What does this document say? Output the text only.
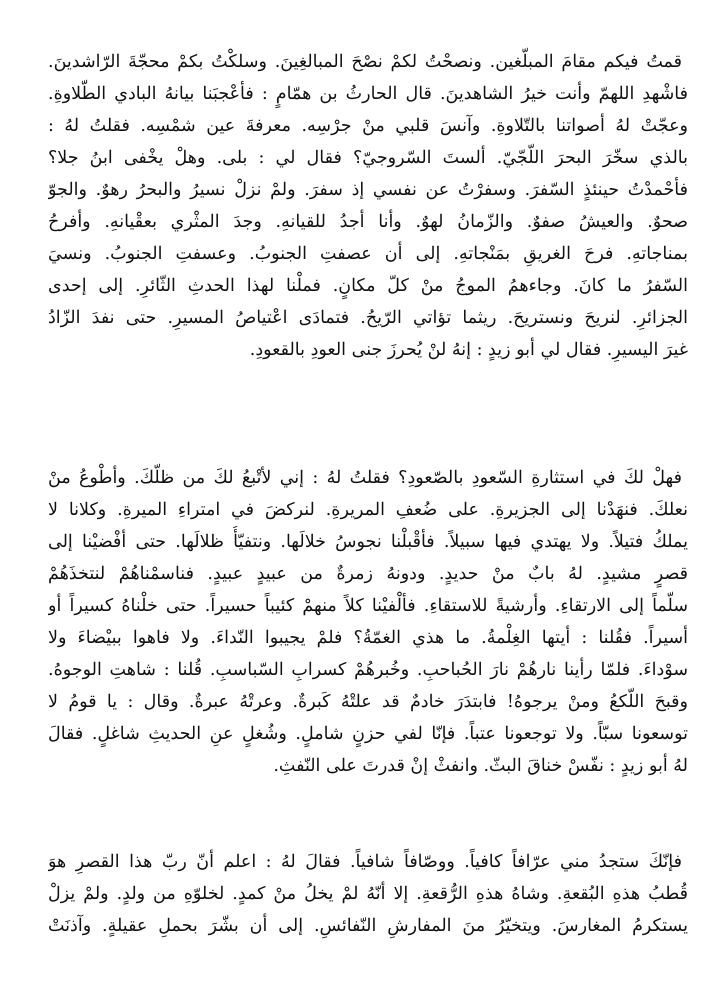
قمتُ فيكم مقامَ المبلّغين. ونصحْتُ لكمْ نصْحَ المبالغِينَ. وسلكْتُ بكمْ محجّةَ الرّاشدينَ.
فاشْهدِ اللهمّ وأنت خيرُ الشاهدينَ. قال الحارثُ بن همّامٍ : فأعْجبَنا بيانهُ البادي الطّلاوةِ.
وعجّتْ لهُ أصواتنا بالتّلاوةِ. وآنسَ قلبي منْ جرْسِه. معرفةَ عين شمْسِه. فقلتُ لهُ :
بالذي سخّرَ البحرَ اللّجّيّ. ألستَ السّروجيّ؟ فقال لي : بلى. وهلْ يخْفى ابنُ جلا؟
فأحْمدْتُ حينئذٍ السّفرَ. وسفرْتُ عن نفسي إذ سفرَ. ولمْ نزلْ نسيرُ والبحرُ رهوٌ. والجوّ
صحوٌ. والعيشُ صفوٌ. والزّمانُ لهوٌ. وأنا أجدُ للقيانهِ. وجدَ المثْري بعقْيانهِ. وأفرحُ
بمناجاتهِ. فرحَ الغريقِ بمَنْجاتهِ. إلى أن عصفتِ الجنوبُ. وعسفتِ الجنوبُ. ونسيَ
السّفرُ ما كانَ. وجاءهمُ الموجُ منْ كلّ مكانٍ. فملْنا لهذا الحدثِ الثّائرِ. إلى إحدى
الجزائرِ. لنريحَ ونستريحَ. ريثما تؤاتي الرّيحُ. فتمادَى اعْتياصُ المسيرِ. حتى نفدَ الزّادُ
غيرَ اليسيرِ. فقال لي أبو زيدٍ : إنهُ لنْ يُحرزَ جنى العودِ بالقعودِ.
فهلْ لكَ في استثارةِ السّعودِ بالصّعودِ؟ فقلتُ لهُ : إني لأتْبعُ لكَ من ظلّكَ. وأطْوعُ منْ
نعلكَ. فنهَدْنا إلى الجزيرةِ. على ضُعفِ المريرةِ. لنركضَ في امتراءِ الميرةِ. وكلانا لا
يملكُ فتيلاً. ولا يهتدي فيها سبيلاً. فأقْبلْنا نجوسُ خلالَها. ونتفيّأُ ظلالَها. حتى أفْضيْنا إلى
قصرٍ مشيدٍ. لهُ بابٌ منْ حديدٍ. ودونهُ زمرةٌ من عبيدٍ عبيدٍ. فناسمْناهُمْ لنتخذَهُمْ
سلّماً إلى الارتقاءِ. وأرشيةً للاستقاءِ. فألْفيْنا كلاً منهمْ كئيباً حسيراً. حتى خلْناهُ كسيراً أو
أسيراً. فقُلنا : أيتها الغِلْمةُ. ما هذي الغمّةُ؟ فلمْ يجيبوا النّداءَ. ولا فاهوا ببيْضاءَ ولا
سوْداءَ. فلمّا رأينا نارهُمْ نارَ الحُباحبِ. وخُبرهُمْ كسرابِ السّباسبِ. قُلنا : شاهتِ الوجوهُ.
وقبحَ اللّكعُ ومنْ يرجوهُ! فابتدَرَ خادمٌ قد علتْهُ كَبرةٌ. وعرتْهُ عبرةٌ. وقال : يا قومُ لا
توسعونا سبّاً. ولا توجعونا عتباً. فإنّا لفي حزنٍ شاملٍ. وشُغلٍ عنِ الحديثِ شاغلٍ. فقالَ
لهُ أبو زيدٍ : نفّسْ خناقَ البثّ. وانفثْ إنْ قدرتَ على النّفثِ.
فإنّكَ ستجدُ مني عرّافاً كافياً. ووصّافاً شافياً. فقالَ لهُ : اعلم أنّ ربّ هذا القصرِ هوَ
قُطبُ هذهِ البُقعةِ. وشاهُ هذهِ الرُّقعةِ. إلا أنّهُ لمْ يخلُ منْ كمدٍ. لخلوّهِ من ولدٍ. ولمْ يزلْ
يستكرمُ المغارسَ. ويتخيّرُ منَ المفارشِ النّفائسِ. إلى أن بشّرَ بحملِ عقيلةٍ. وآذنَتْ
